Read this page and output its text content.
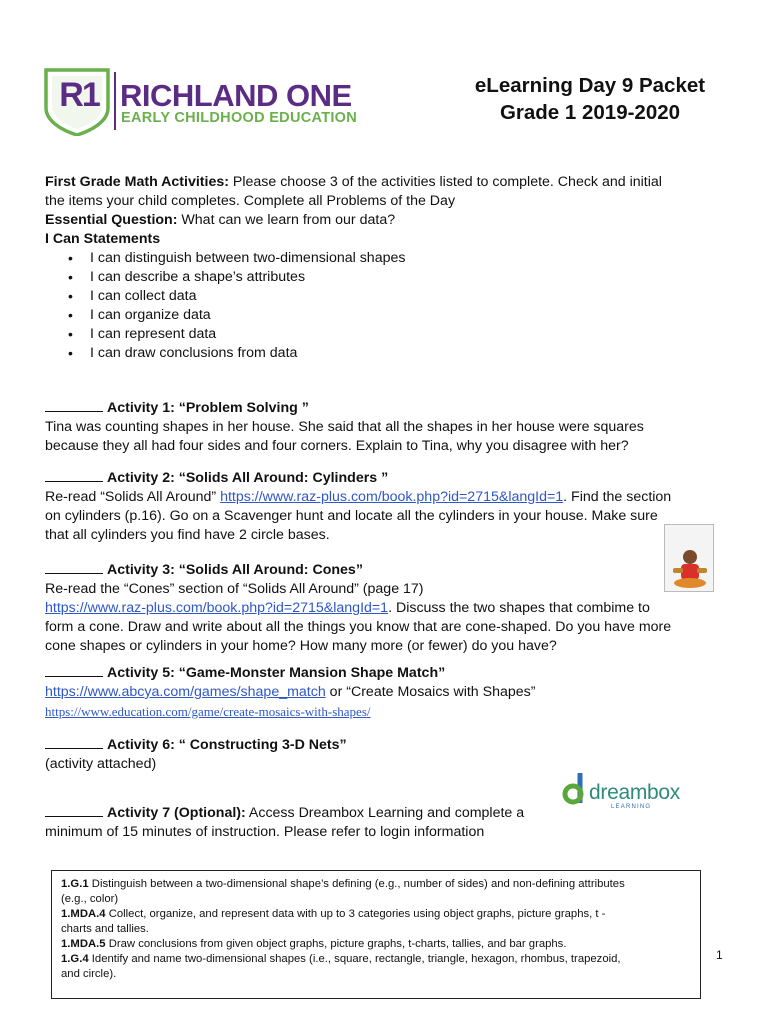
R1 RICHLAND ONE
EARLY CHILDHOOD EDUCATION
eLearning Day 9 Packet
Grade 1 2019-2020
First Grade Math Activities: Please choose 3 of the activities listed to complete. Check and initial
the items your child completes. Complete all Problems of the Day
Essential Question: What can we learn from our data?
I Can Statements
• I can distinguish between two-dimensional shapes
• I can describe a shape’s attributes
• I can collect data
• I can organize data
• I can represent data
• I can draw conclusions from data
Activity 1: “Problem Solving ”
Tina was counting shapes in her house. She said that all the shapes in her house were squares
because they all had four sides and four corners. Explain to Tina, why you disagree with her?
Activity 2: “Solids All Around: Cylinders ”
Re-read “Solids All Around” https://www.raz-plus.com/book.php?id=2715&langId=1. Find the section
on cylinders (p.16). Go on a Scavenger hunt and locate all the cylinders in your house. Make sure
that all cylinders you find have 2 circle bases.
Activity 3: “Solids All Around: Cones”
Re-read the “Cones” section of “Solids All Around” (page 17)
https://www.raz-plus.com/book.php?id=2715&langId=1. Discuss the two shapes that combime to
form a cone. Draw and write about all the things you know that are cone-shaped. Do you have more
cone shapes or cylinders in your home? How many more (or fewer) do you have?
Activity 5: “Game-Monster Mansion Shape Match”
https://www.abcya.com/games/shape_match or “Create Mosaics with Shapes”
https://www.education.com/game/create-mosaics-with-shapes/
Activity 6: “ Constructing 3-D Nets”
(activity attached)
dreambox
LEARNING
Activity 7 (Optional): Access Dreambox Learning and complete a
minimum of 15 minutes of instruction. Please refer to login information
1.G.1 Distinguish between a two-dimensional shape’s defining (e.g., number of sides) and non-defining attributes
(e.g., color)
1.MDA.4 Collect, organize, and represent data with up to 3 categories using object graphs, picture graphs, t -
charts and tallies.
1.MDA.5 Draw conclusions from given object graphs, picture graphs, t-charts, tallies, and bar graphs.
1.G.4 Identify and name two-dimensional shapes (i.e., square, rectangle, triangle, hexagon, rhombus, trapezoid,
and circle).
1
